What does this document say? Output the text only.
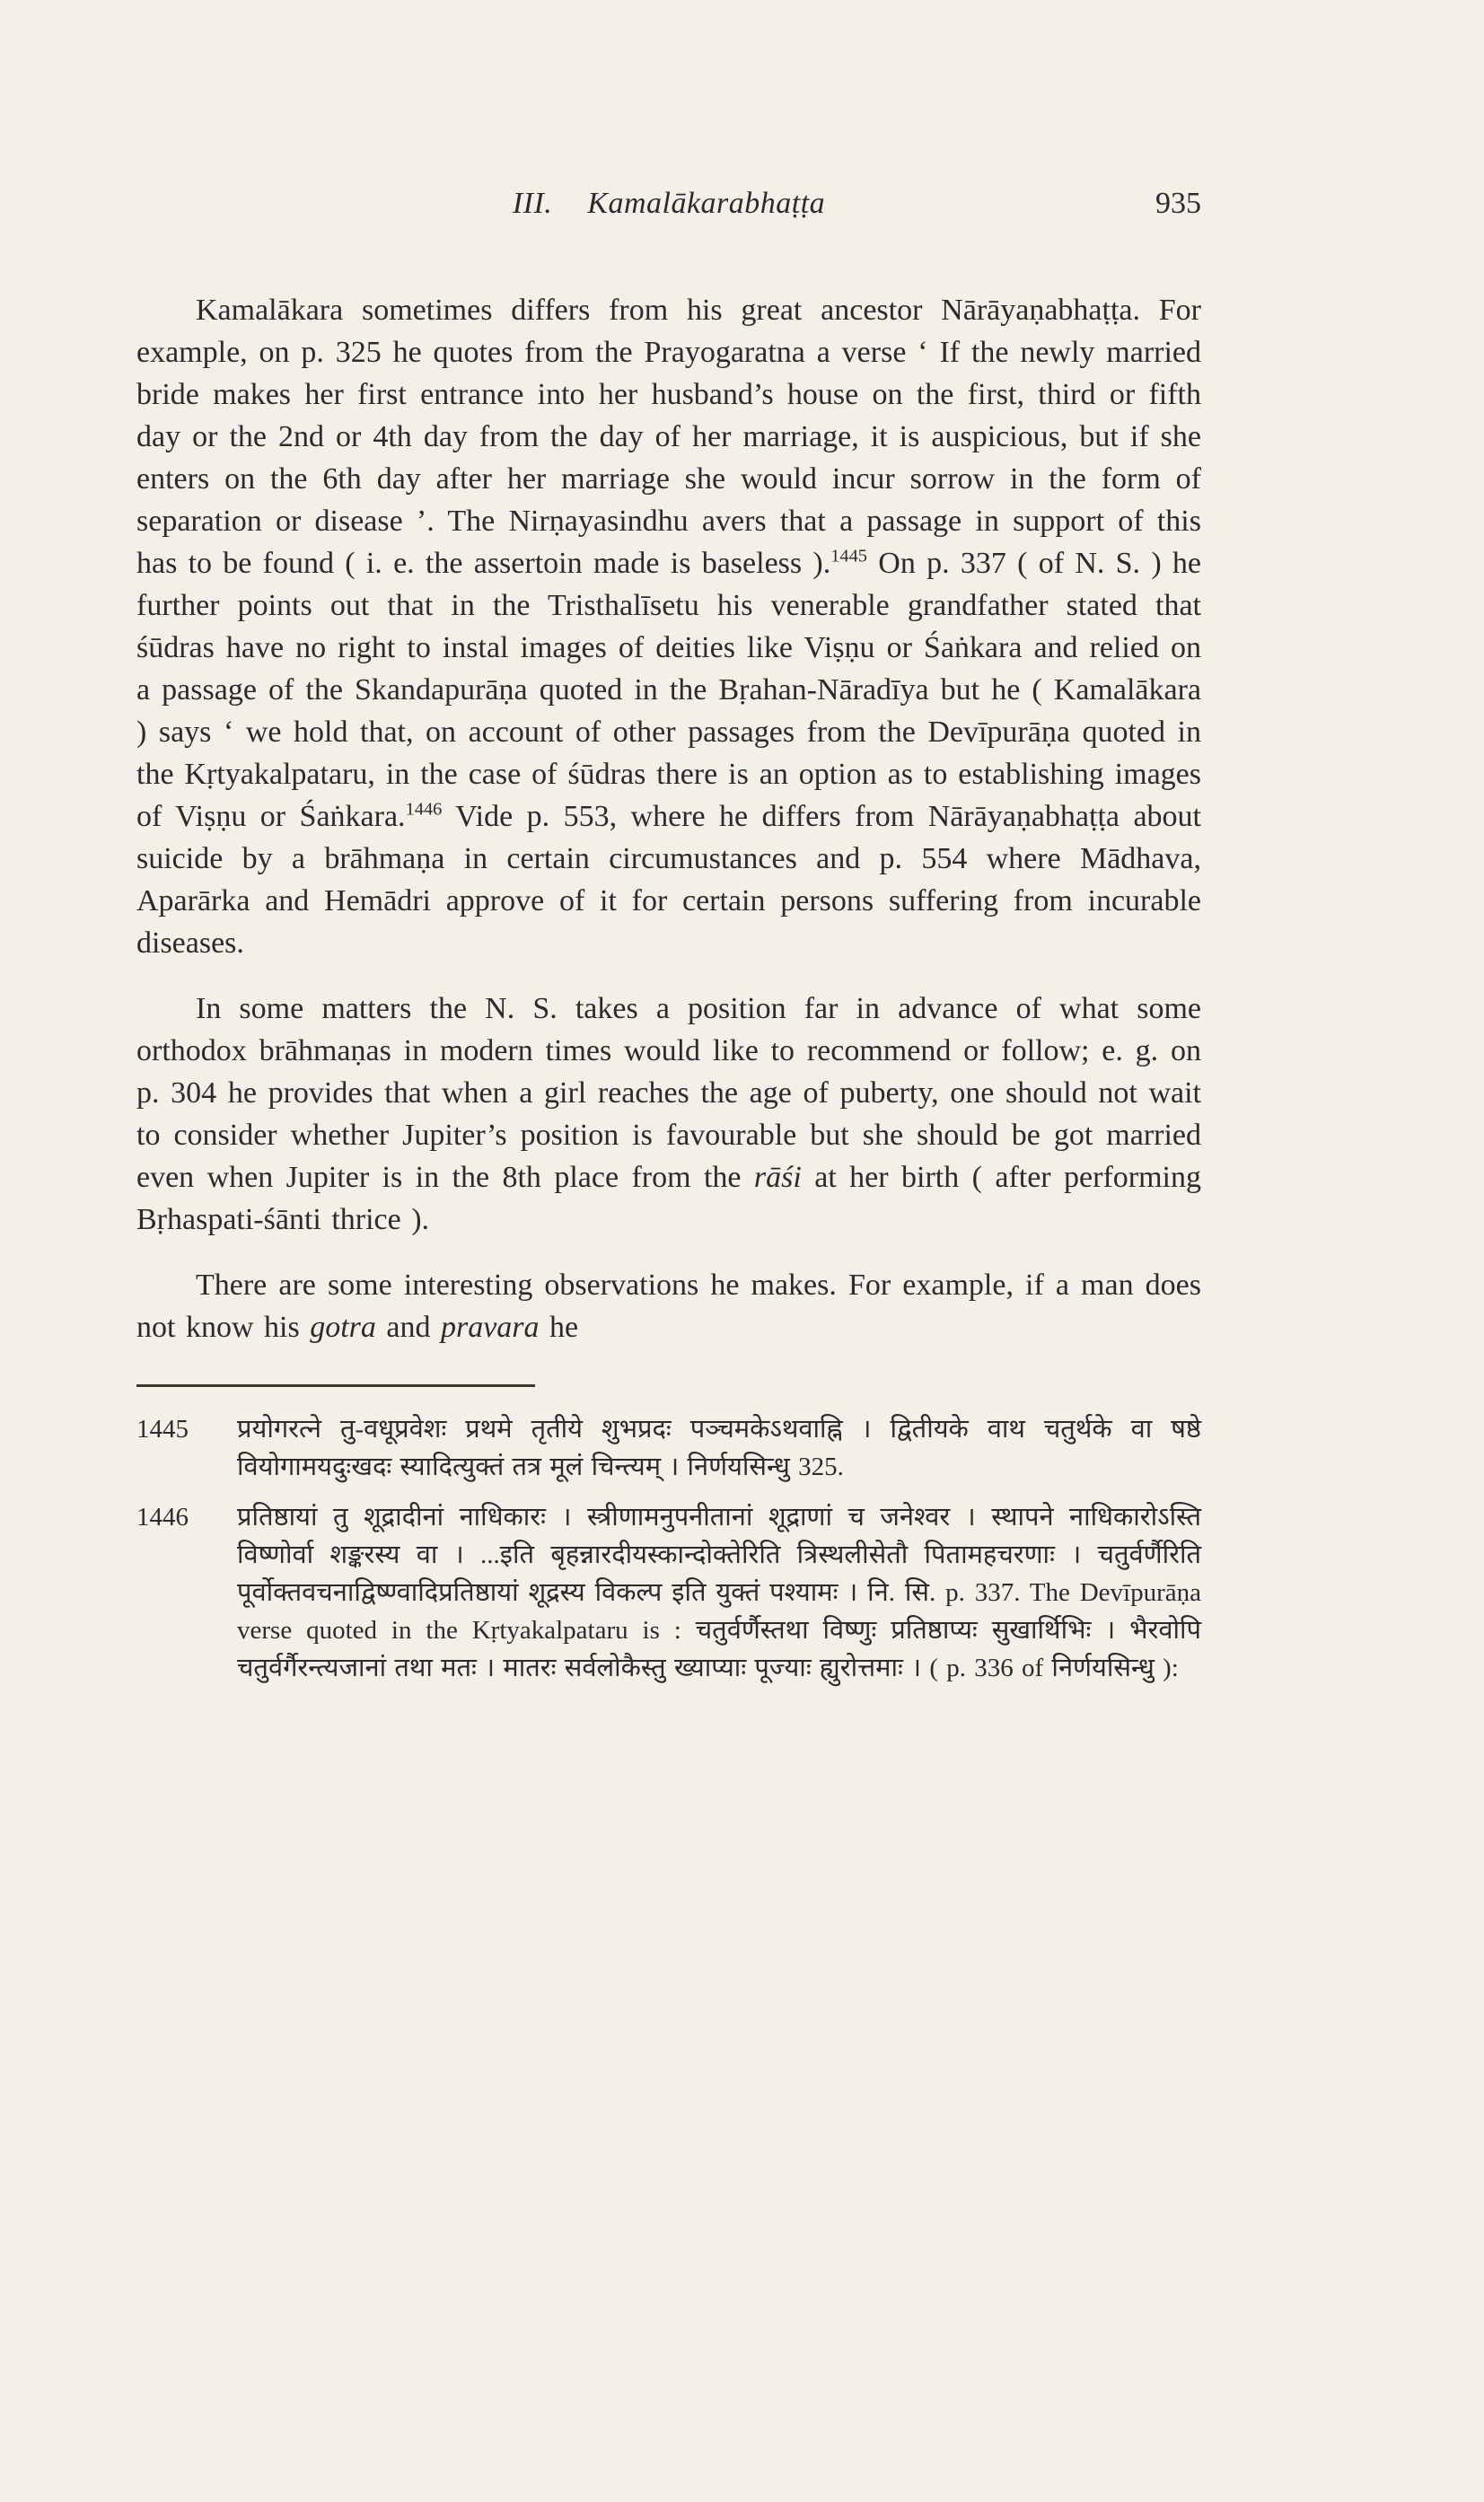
III. Kamalākarabhaṭṭa	935

Kamalākara sometimes differs from his great ancestor Nārāyaṇabhaṭṭa. For example, on p. 325 he quotes from the Prayogaratna a verse ‘ If the newly married bride makes her first entrance into her husband’s house on the first, third or fifth day or the 2nd or 4th day from the day of her marriage, it is auspicious, but if she enters on the 6th day after her marriage she would incur sorrow in the form of separation or disease ’. The Nirṇayasindhu avers that a passage in support of this has to be found ( i. e. the assertoin made is baseless ).$^{1445}$ On p. 337 ( of N. S. ) he further points out that in the Tristhalīsetu his venerable grandfather stated that śūdras have no right to instal images of deities like Viṣṇu or Śaṅkara and relied on a passage of the Skandapurāṇa quoted in the Bṛahan-Nāradīya but he ( Kamalākara ) says ‘ we hold that, on account of other passages from the Devīpurāṇa quoted in the Kṛtyakalpataru, in the case of śūdras there is an option as to establishing images of Viṣṇu or Śaṅkara.$^{1446}$ Vide p. 553, where he differs from Nārāyaṇabhaṭṭa about suicide by a brāhmaṇa in certain circumustances and p. 554 where Mādhava, Aparārka and Hemādri approve of it for certain persons suffering from incurable diseases.

In some matters the N. S. takes a position far in advance of what some orthodox brāhmaṇas in modern times would like to recommend or follow; e. g. on p. 304 he provides that when a girl reaches the age of puberty, one should not wait to consider whether Jupiter’s position is favourable but she should be got married even when Jupiter is in the 8th place from the rāśi at her birth ( after performing Bṛhaspati-śānti thrice ).

There are some interesting observations he makes. For example, if a man does not know his gotra and pravara he

1445	प्रयोगरत्ने तु-वधूप्रवेशः प्रथमे तृतीये शुभप्रदः पञ्चमकेऽथवाह्नि । द्वितीयके वाथ चतुर्थके वा षष्ठे वियोगामयदुःखदः स्यादित्युक्तं तत्र मूलं चिन्त्यम् । निर्णयसिन्धु 325.
1446	प्रतिष्ठायां तु शूद्रादीनां नाधिकारः । स्त्रीणामनुपनीतानां शूद्राणां च जनेश्वर । स्थापने नाधिकारोऽस्ति विष्णोर्वा शङ्करस्य वा । ...इति बृहन्नारदीयस्कान्दोक्तेरिति त्रिस्थलीसेतौ पितामहचरणाः । चतुर्वर्णैरिति पूर्वोक्तवचनाद्विष्ण्वादिप्रतिष्ठायां शूद्रस्य विकल्प इति युक्तं पश्यामः । नि. सि. p. 337. The Devīpurāṇa verse quoted in the Kṛtyakalpataru is : चतुर्वर्णैस्तथा विष्णुः प्रतिष्ठाप्यः सुखार्थिभिः । भैरवोपि चतुर्वर्गैरन्त्यजानां तथा मतः । मातरः सर्वलोकैस्तु ख्याप्याः पूज्याः ह्युरोत्तमाः । ( p. 336 of निर्णयसिन्धु ):
